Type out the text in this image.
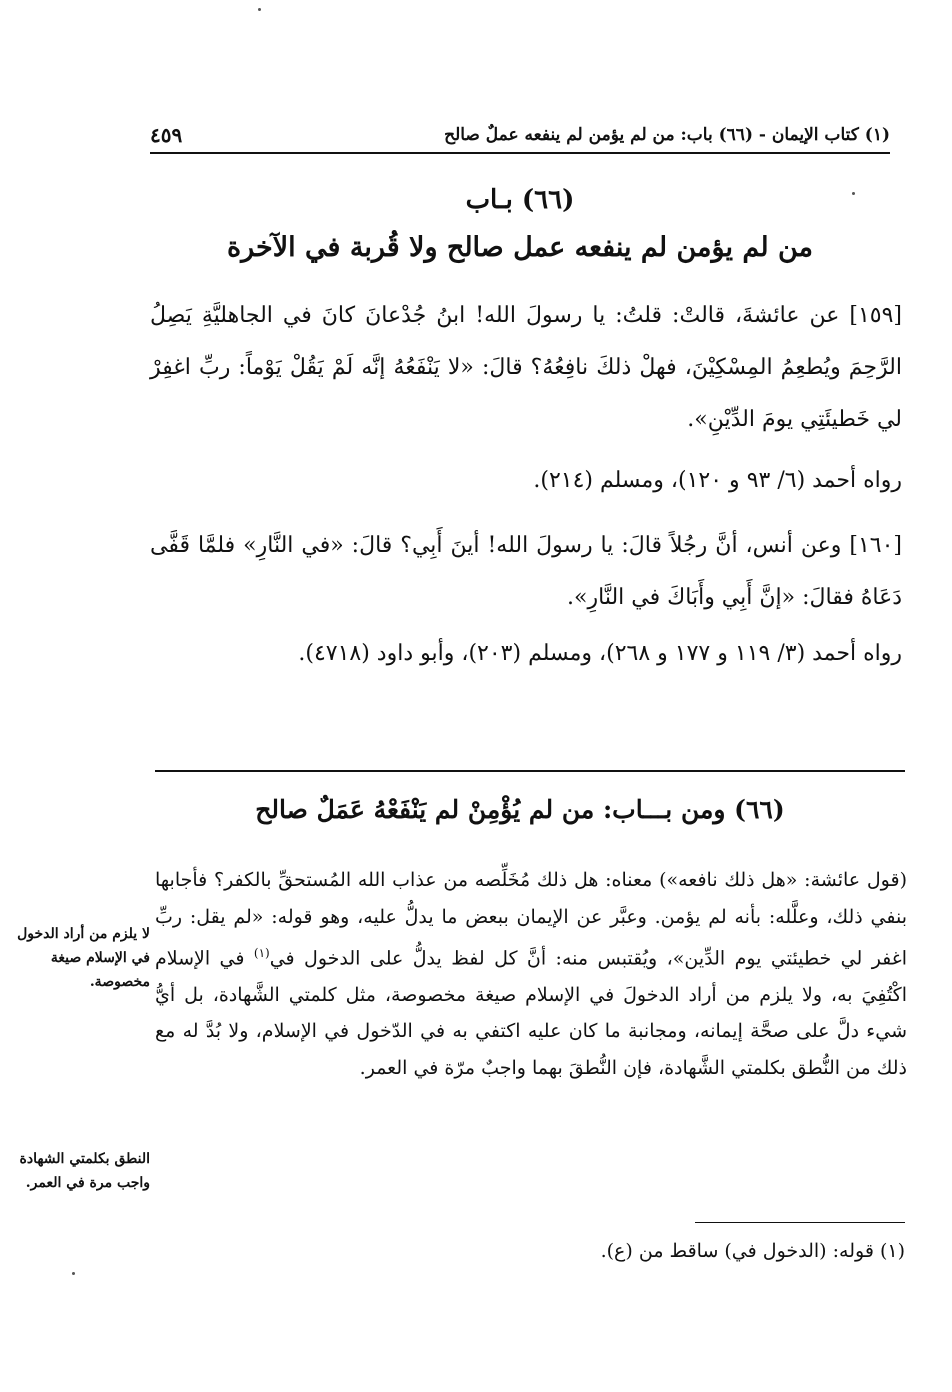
٤٥٩	(١) كتاب الإيمان - (٦٦) باب: من لم يؤمن لم ينفعه عملٌ صالح
(٦٦) بـاب
من لم يؤمن لم ينفعه عمل صالح ولا قُربة في الآخرة
[١٥٩] عن عائشةَ، قالتْ: قلتُ: يا رسولَ الله! ابنُ جُدْعانَ كانَ في الجاهليَّةِ يَصِلُ الرَّحِمَ ويُطعِمُ المِسْكِيْنَ، فهلْ ذلكَ نافِعُهُ؟ قالَ: «لا يَنْفَعُهُ إنَّه لَمْ يَقُلْ يَوْماً: ربِّ اغفِرْ لي خَطيئَتِي يومَ الدِّيْنِ».
رواه أحمد (٦/ ٩٣ و ١٢٠)، ومسلم (٢١٤).
[١٦٠] وعن أنس، أنَّ رجُلاً قالَ: يا رسولَ الله! أينَ أَبِي؟ قالَ: «في النَّارِ» فلمَّا قَفَّى دَعَاهُ فقالَ: «إنَّ أَبِي وأَبَاكَ في النَّارِ».
رواه أحمد (٣/ ١١٩ و ١٧٧ و ٢٦٨)، ومسلم (٢٠٣)، وأبو داود (٤٧١٨).
(٦٦) ومن بـــاب: من لم يُؤْمِنْ لم يَنْفَعْهُ عَمَلٌ صالح
(قول عائشة: «هل ذلك نافعه») معناه: هل ذلك مُخَلِّصه من عذاب الله المُستحقِّ بالكفر؟ فأجابها بنفي ذلك، وعلَّله: بأنه لم يؤمن. وعبَّر عن الإيمان ببعض ما يدلُّ عليه، وهو قوله: «لم يقل: ربِّ اغفر لي خطيئتي يوم الدِّين»، ويُقتبس منه: أنَّ كل لفظ يدلُّ على الدخول في$^{(١)}$ في الإسلام اكْتُفِيَ به، ولا يلزم من أراد الدخولَ في الإسلام صيغة مخصوصة، مثل كلمتي الشَّهادة، بل أيُّ شيء دلَّ على صحَّة إيمانه، ومجانبة ما كان عليه اكتفي به في الدّخول في الإسلام، ولا بُدَّ له مع ذلك من النُّطق بكلمتي الشَّهادة، فإن النُّطقَ بهما واجبٌ مرّة في العمر.
لا يلزم من أراد الدخول في الإسلام صيغة مخصوصة.
النطق بكلمتي الشهادة واجب مرة في العمر.
(١) قوله: (الدخول في) ساقط من (ع).
